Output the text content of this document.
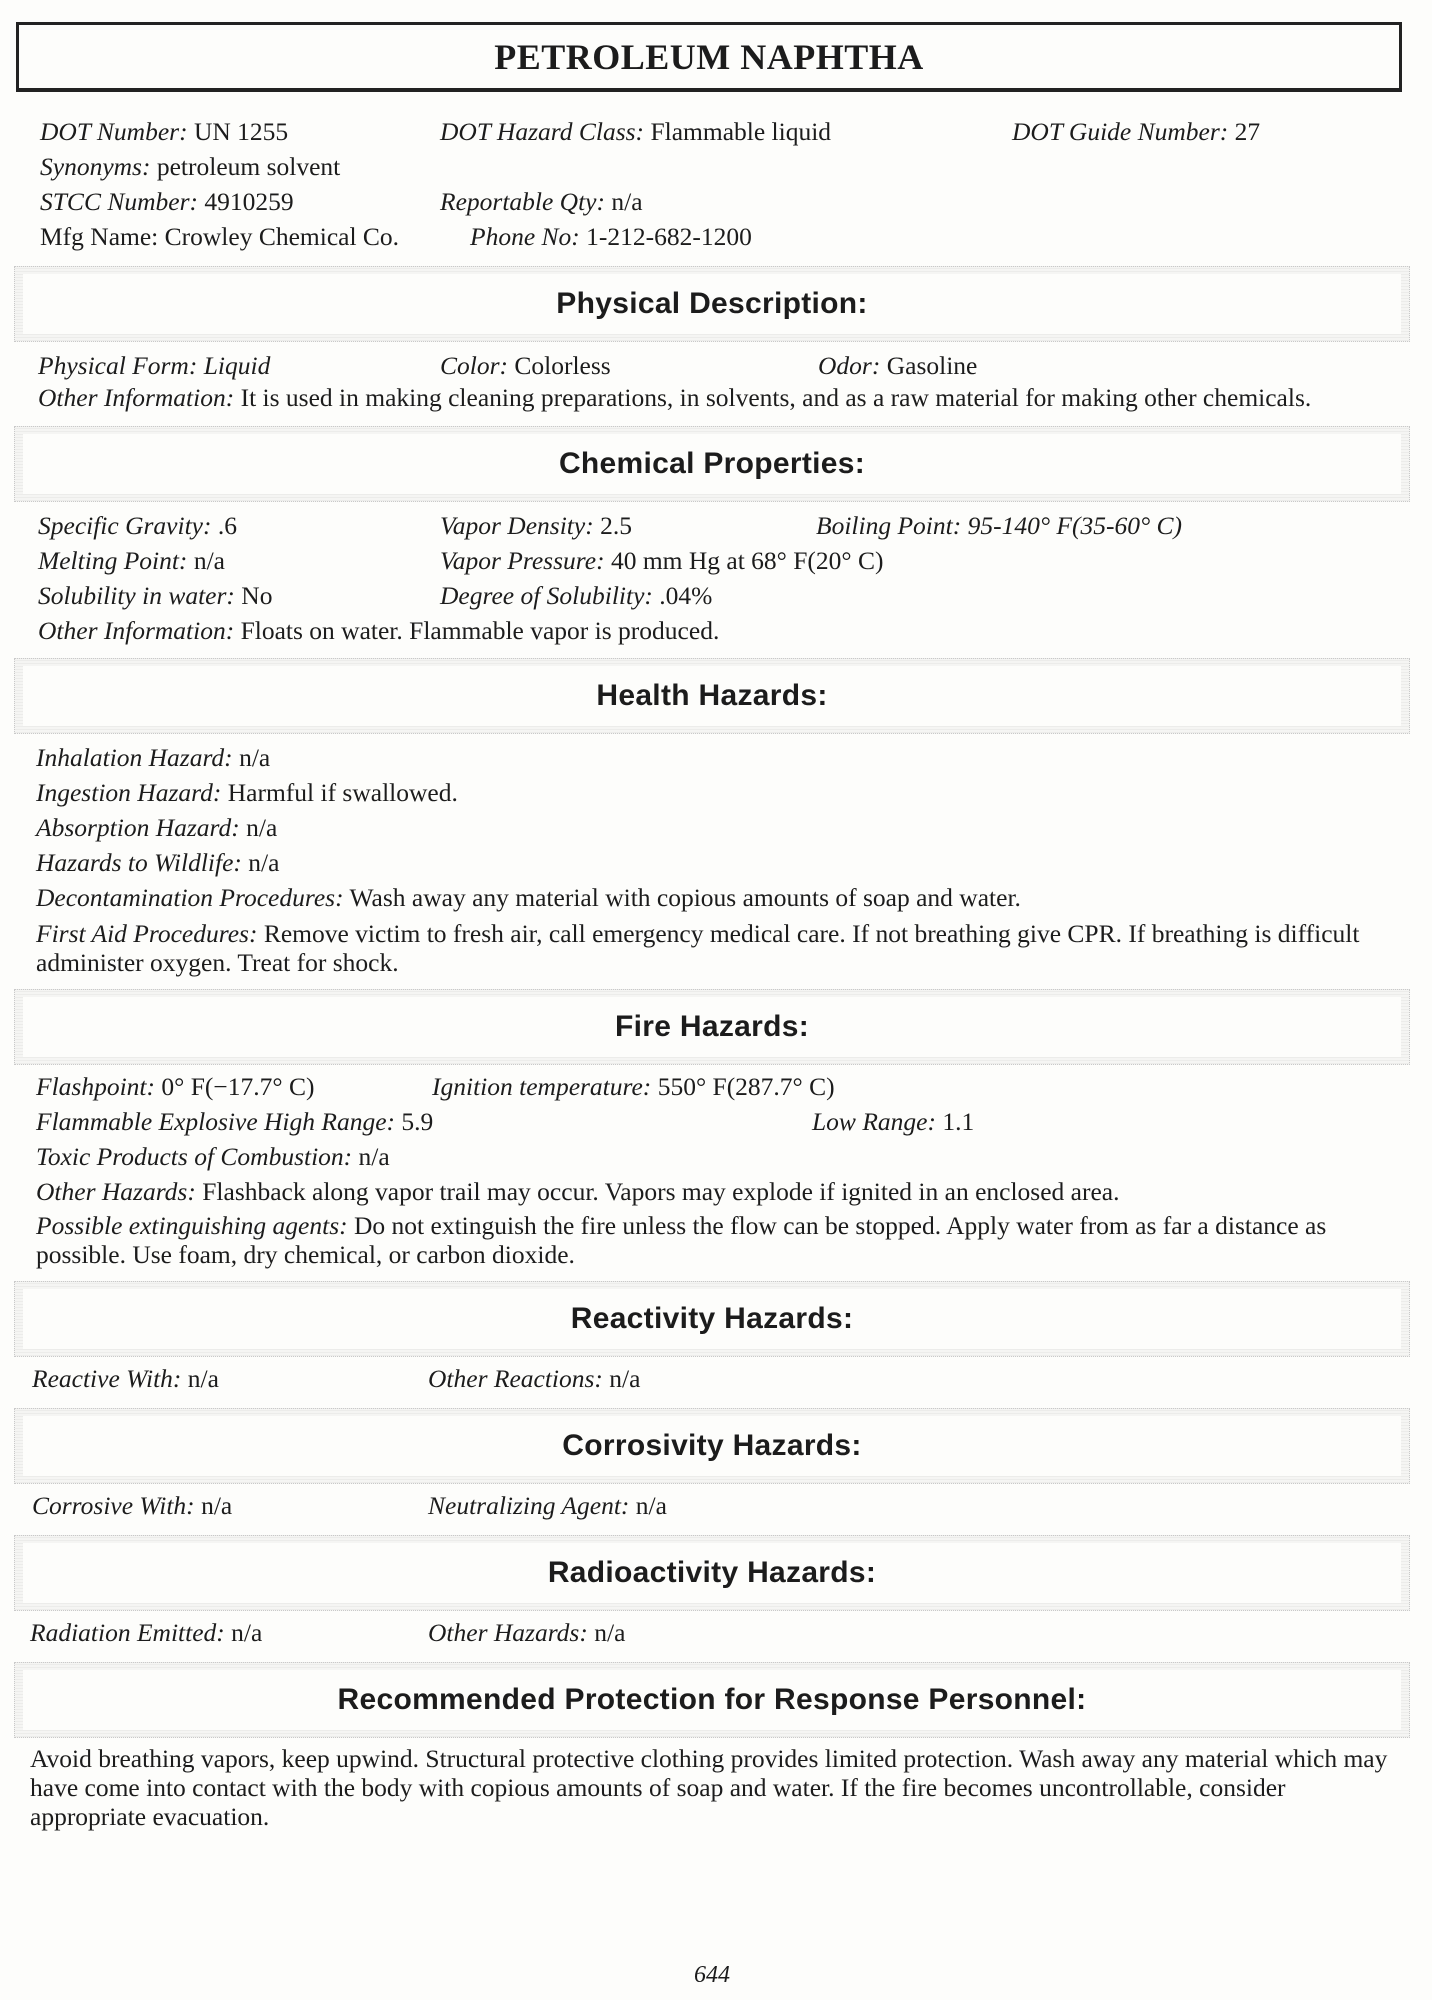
PETROLEUM NAPHTHA
DOT Number: UN 1255	DOT Hazard Class: Flammable liquid	DOT Guide Number: 27
Synonyms: petroleum solvent
STCC Number: 4910259	Reportable Qty: n/a
Mfg Name: Crowley Chemical Co.	Phone No: 1-212-682-1200
Physical Description:
Physical Form: Liquid	Color: Colorless	Odor: Gasoline
Other Information: It is used in making cleaning preparations, in solvents, and as a raw material for making other chemicals.
Chemical Properties:
Specific Gravity: .6	Vapor Density: 2.5	Boiling Point: 95-140° F(35-60° C)
Melting Point: n/a	Vapor Pressure: 40 mm Hg at 68° F(20° C)
Solubility in water: No	Degree of Solubility: .04%
Other Information: Floats on water. Flammable vapor is produced.
Health Hazards:
Inhalation Hazard: n/a
Ingestion Hazard: Harmful if swallowed.
Absorption Hazard: n/a
Hazards to Wildlife: n/a
Decontamination Procedures: Wash away any material with copious amounts of soap and water.
First Aid Procedures: Remove victim to fresh air, call emergency medical care. If not breathing give CPR. If breathing is difficult administer oxygen. Treat for shock.
Fire Hazards:
Flashpoint: 0° F(−17.7° C)	Ignition temperature: 550° F(287.7° C)
Flammable Explosive High Range: 5.9	Low Range: 1.1
Toxic Products of Combustion: n/a
Other Hazards: Flashback along vapor trail may occur. Vapors may explode if ignited in an enclosed area.
Possible extinguishing agents: Do not extinguish the fire unless the flow can be stopped. Apply water from as far a distance as possible. Use foam, dry chemical, or carbon dioxide.
Reactivity Hazards:
Reactive With: n/a	Other Reactions: n/a
Corrosivity Hazards:
Corrosive With: n/a	Neutralizing Agent: n/a
Radioactivity Hazards:
Radiation Emitted: n/a	Other Hazards: n/a
Recommended Protection for Response Personnel:
Avoid breathing vapors, keep upwind. Structural protective clothing provides limited protection. Wash away any material which may have come into contact with the body with copious amounts of soap and water. If the fire becomes uncontrollable, consider appropriate evacuation.
644
